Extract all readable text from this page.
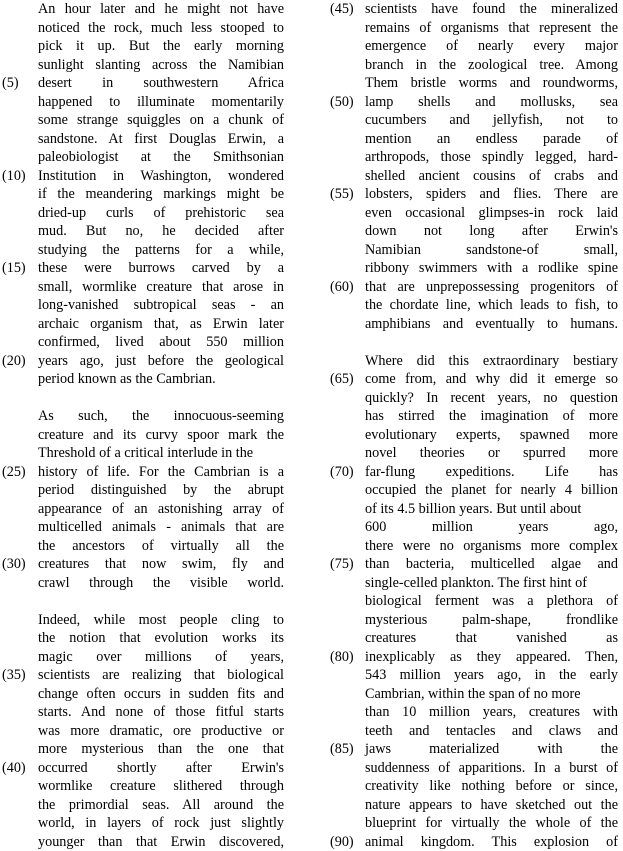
An hour later and he might not have
noticed the rock, much less stooped to
pick it up. But the early morning
sunlight slanting across the Namibian
(5) desert in southwestern Africa
happened to illuminate momentarily
some strange squiggles on a chunk of
sandstone. At first Douglas Erwin, a
paleobiologist at the Smithsonian
(10) Institution in Washington, wondered
if the meandering markings might be
dried-up curls of prehistoric sea
mud. But no, he decided after
studying the patterns for a while,
(15) these were burrows carved by a
small, wormlike creature that arose in
long-vanished subtropical seas - an
archaic organism that, as Erwin later
confirmed, lived about 550 million
(20) years ago, just before the geological
period known as the Cambrian.
As such, the innocuous-seeming
creature and its curvy spoor mark the
Threshold of a critical interlude in the
(25) history of life. For the Cambrian is a
period distinguished by the abrupt
appearance of an astonishing array of
multicelled animals - animals that are
the ancestors of virtually all the
(30) creatures that now swim, fly and
crawl through the visible world.
Indeed, while most people cling to
the notion that evolution works its
magic over millions of years,
(35) scientists are realizing that biological
change often occurs in sudden fits and
starts. And none of those fitful starts
was more dramatic, ore productive or
more mysterious than the one that
(40) occurred shortly after Erwin's
wormlike creature slithered through
the primordial seas. All around the
world, in layers of rock just slightly
younger than that Erwin discovered,
(45) scientists have found the mineralized
remains of organisms that represent the
emergence of nearly every major
branch in the zoological tree. Among
Them bristle worms and roundworms,
(50) lamp shells and mollusks, sea
cucumbers and jellyfish, not to
mention an endless parade of
arthropods, those spindly legged, hard-
shelled ancient cousins of crabs and
(55) lobsters, spiders and flies. There are
even occasional glimpses-in rock laid
down not long after Erwin's
Namibian sandstone-of small,
ribbony swimmers with a rodlike spine
(60) that are unprepossessing progenitors of
the chordate line, which leads to fish, to
amphibians and eventually to humans.
Where did this extraordinary bestiary
(65) come from, and why did it emerge so
quickly? In recent years, no question
has stirred the imagination of more
evolutionary experts, spawned more
novel theories or spurred more
(70) far-flung expeditions. Life has
occupied the planet for nearly 4 billion
of its 4.5 billion years. But until about
600 million years ago,
there were no organisms more complex
(75) than bacteria, multicelled algae and
single-celled plankton. The first hint of
biological ferment was a plethora of
mysterious palm-shape, frondlike
creatures that vanished as
(80) inexplicably as they appeared. Then,
543 million years ago, in the early
Cambrian, within the span of no more
than 10 million years, creatures with
teeth and tentacles and claws and
(85) jaws materialized with the
suddenness of apparitions. In a burst of
creativity like nothing before or since,
nature appears to have sketched out the
blueprint for virtually the whole of the
(90) animal kingdom. This explosion of
